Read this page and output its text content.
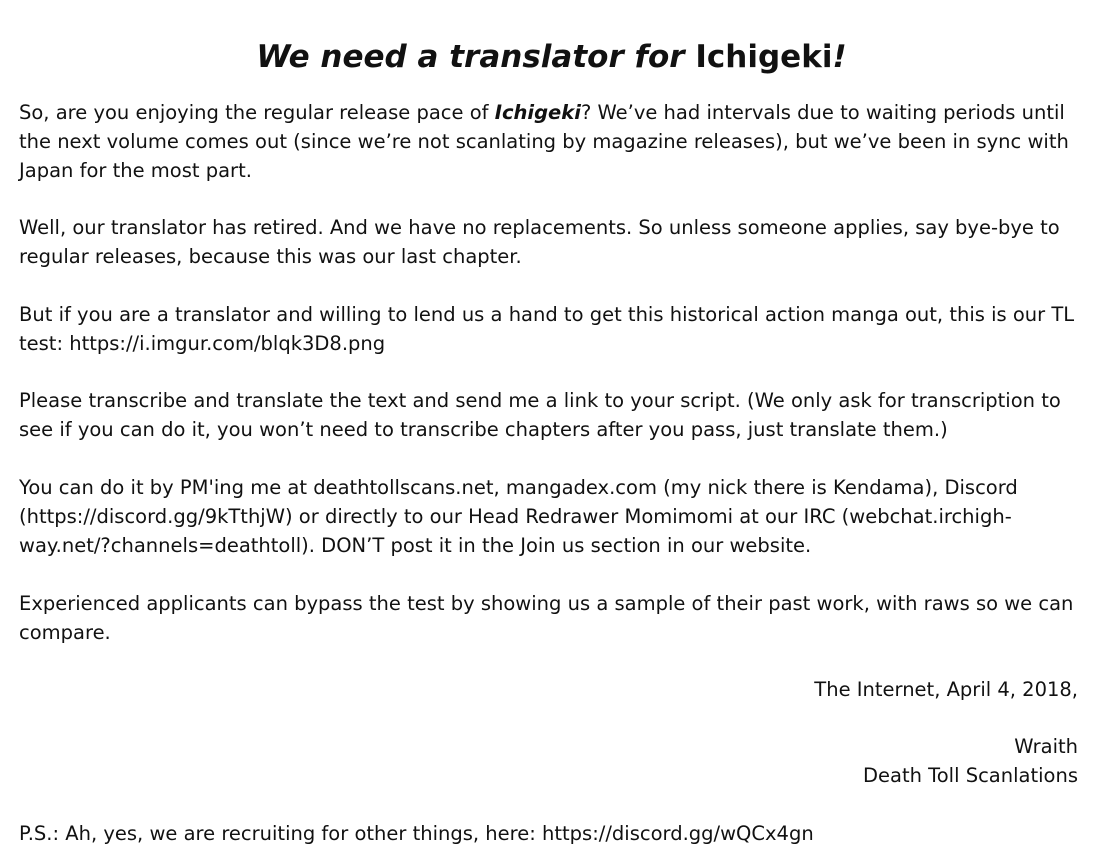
We need a translator for Ichigeki!

So, are you enjoying the regular release pace of Ichigeki? We’ve had intervals due to waiting periods until the next volume comes out (since we’re not scanlating by magazine releases), but we’ve been in sync with Japan for the most part.

Well, our translator has retired. And we have no replacements. So unless someone applies, say bye-bye to regular releases, because this was our last chapter.

But if you are a translator and willing to lend us a hand to get this historical action manga out, this is our TL test: https://i.imgur.com/blqk3D8.png

Please transcribe and translate the text and send me a link to your script. (We only ask for transcription to see if you can do it, you won’t need to transcribe chapters after you pass, just translate them.)

You can do it by PM'ing me at deathtollscans.net, mangadex.com (my nick there is Kendama), Discord (https://discord.gg/9kTthjW) or directly to our Head Redrawer Momimomi at our IRC (webchat.irchigh-way.net/?channels=deathtoll). DON’T post it in the Join us section in our website.

Experienced applicants can bypass the test by showing us a sample of their past work, with raws so we can compare.

The Internet, April 4, 2018,
Wraith
Death Toll Scanlations
P.S.: Ah, yes, we are recruiting for other things, here: https://discord.gg/wQCx4gn
